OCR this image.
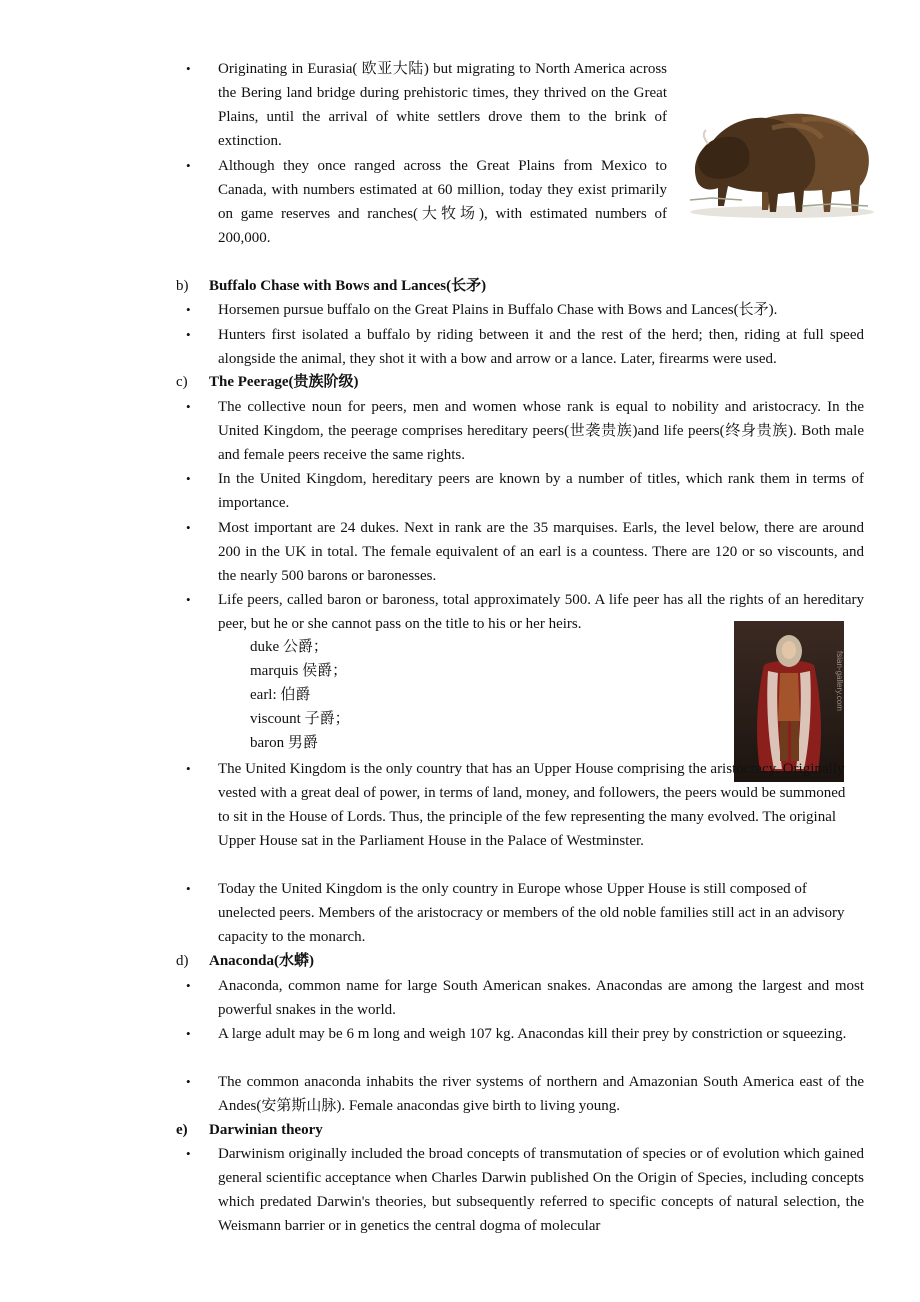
• Originating in Eurasia( 欧亚大陆) but migrating to North America across the Bering land bridge during prehistoric times, they thrived on the Great Plains, until the arrival of white settlers drove them to the brink of extinction.
• Although they once ranged across the Great Plains from Mexico to Canada, with numbers estimated at 60 million, today they exist primarily on game reserves and ranches(大牧场), with estimated numbers of 200,000.
b) Buffalo Chase with Bows and Lances(长矛)
• Horsemen pursue buffalo on the Great Plains in Buffalo Chase with Bows and Lances(长矛).
• Hunters first isolated a buffalo by riding between it and the rest of the herd; then, riding at full speed alongside the animal, they shot it with a bow and arrow or a lance. Later, firearms were used.
c) The Peerage(贵族阶级)
• The collective noun for peers, men and women whose rank is equal to nobility and aristocracy. In the United Kingdom, the peerage comprises hereditary peers(世袭贵族)and life peers(终身贵族). Both male and female peers receive the same rights.
• In the United Kingdom, hereditary peers are known by a number of titles, which rank them in terms of importance.
• Most important are 24 dukes. Next in rank are the 35 marquises. Earls, the level below, there are around 200 in the UK in total. The female equivalent of an earl is a countess. There are 120 or so viscounts, and the nearly 500 barons or baronesses.
• Life peers, called baron or baroness, total approximately 500. A life peer has all the rights of an hereditary peer, but he or she cannot pass on the title to his or her heirs.
duke 公爵；
marquis 侯爵；
earl: 伯爵
viscount 子爵；
baron 男爵
fsian-gallery.com
• The United Kingdom is the only country that has an Upper House comprising the aristocracy. Originally vested with a great deal of power, in terms of land, money, and followers, the peers would be summoned to sit in the House of Lords. Thus, the principle of the few representing the many evolved. The original Upper House sat in the Parliament House in the Palace of Westminster.
• Today the United Kingdom is the only country in Europe whose Upper House is still composed of unelected peers. Members of the aristocracy or members of the old noble families still act in an advisory capacity to the monarch.
d) Anaconda(水蟒)
• Anaconda, common name for large South American snakes. Anacondas are among the largest and most powerful snakes in the world.
• A large adult may be 6 m long and weigh 107 kg. Anacondas kill their prey by constriction or squeezing.
• The common anaconda inhabits the river systems of northern and Amazonian South America east of the Andes(安第斯山脉). Female anacondas give birth to living young.
e) Darwinian theory
• Darwinism originally included the broad concepts of transmutation of species or of evolution which gained general scientific acceptance when Charles Darwin published On the Origin of Species, including concepts which predated Darwin's theories, but subsequently referred to specific concepts of natural selection, the Weismann barrier or in genetics the central dogma of molecular
